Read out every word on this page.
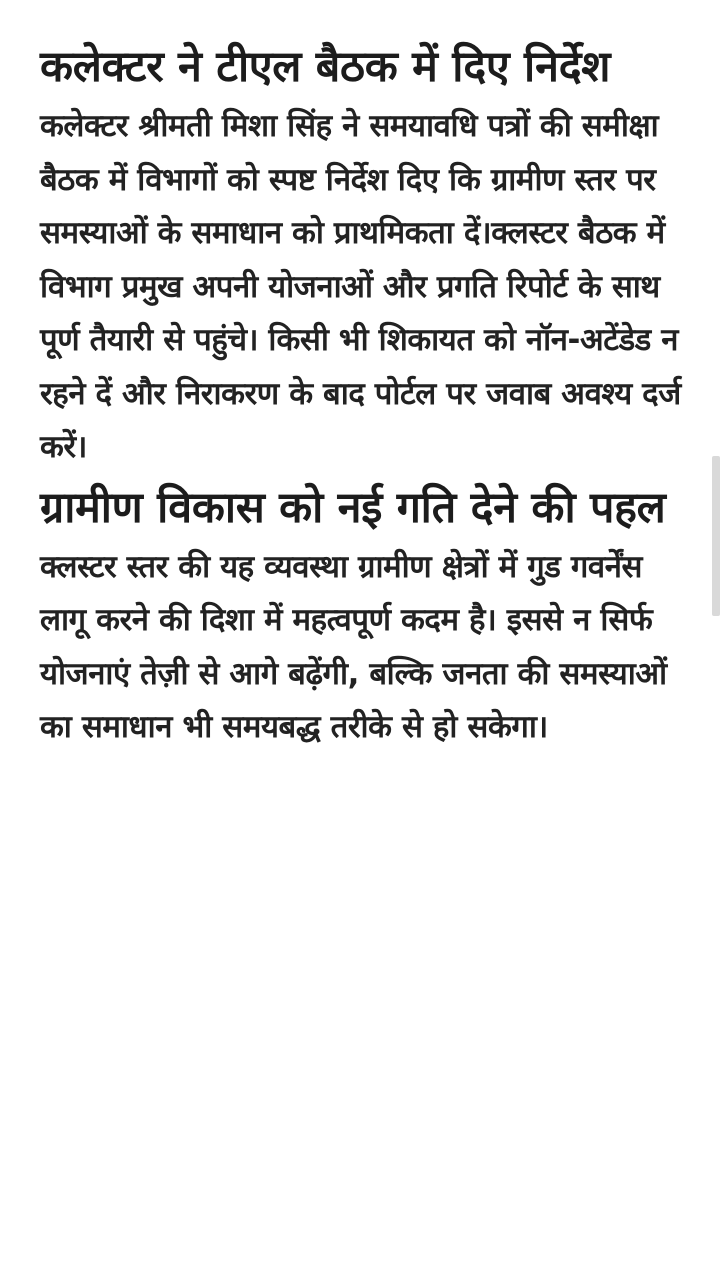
कलेक्टर ने टीएल बैठक में दिए निर्देश

कलेक्टर श्रीमती मिशा सिंह ने समयावधि पत्रों की समीक्षा बैठक में विभागों को स्पष्ट निर्देश दिए कि ग्रामीण स्तर पर समस्याओं के समाधान को प्राथमिकता दें।क्लस्टर बैठक में विभाग प्रमुख अपनी योजनाओं और प्रगति रिपोर्ट के साथ पूर्ण तैयारी से पहुंचे। किसी भी शिकायत को नॉन-अटेंडेड न रहने दें और निराकरण के बाद पोर्टल पर जवाब अवश्य दर्ज करें।

ग्रामीण विकास को नई गति देने की पहल

क्लस्टर स्तर की यह व्यवस्था ग्रामीण क्षेत्रों में गुड गवर्नेंस लागू करने की दिशा में महत्वपूर्ण कदम है। इससे न सिर्फ योजनाएं तेज़ी से आगे बढ़ेंगी, बल्कि जनता की समस्याओं का समाधान भी समयबद्ध तरीके से हो सकेगा।
